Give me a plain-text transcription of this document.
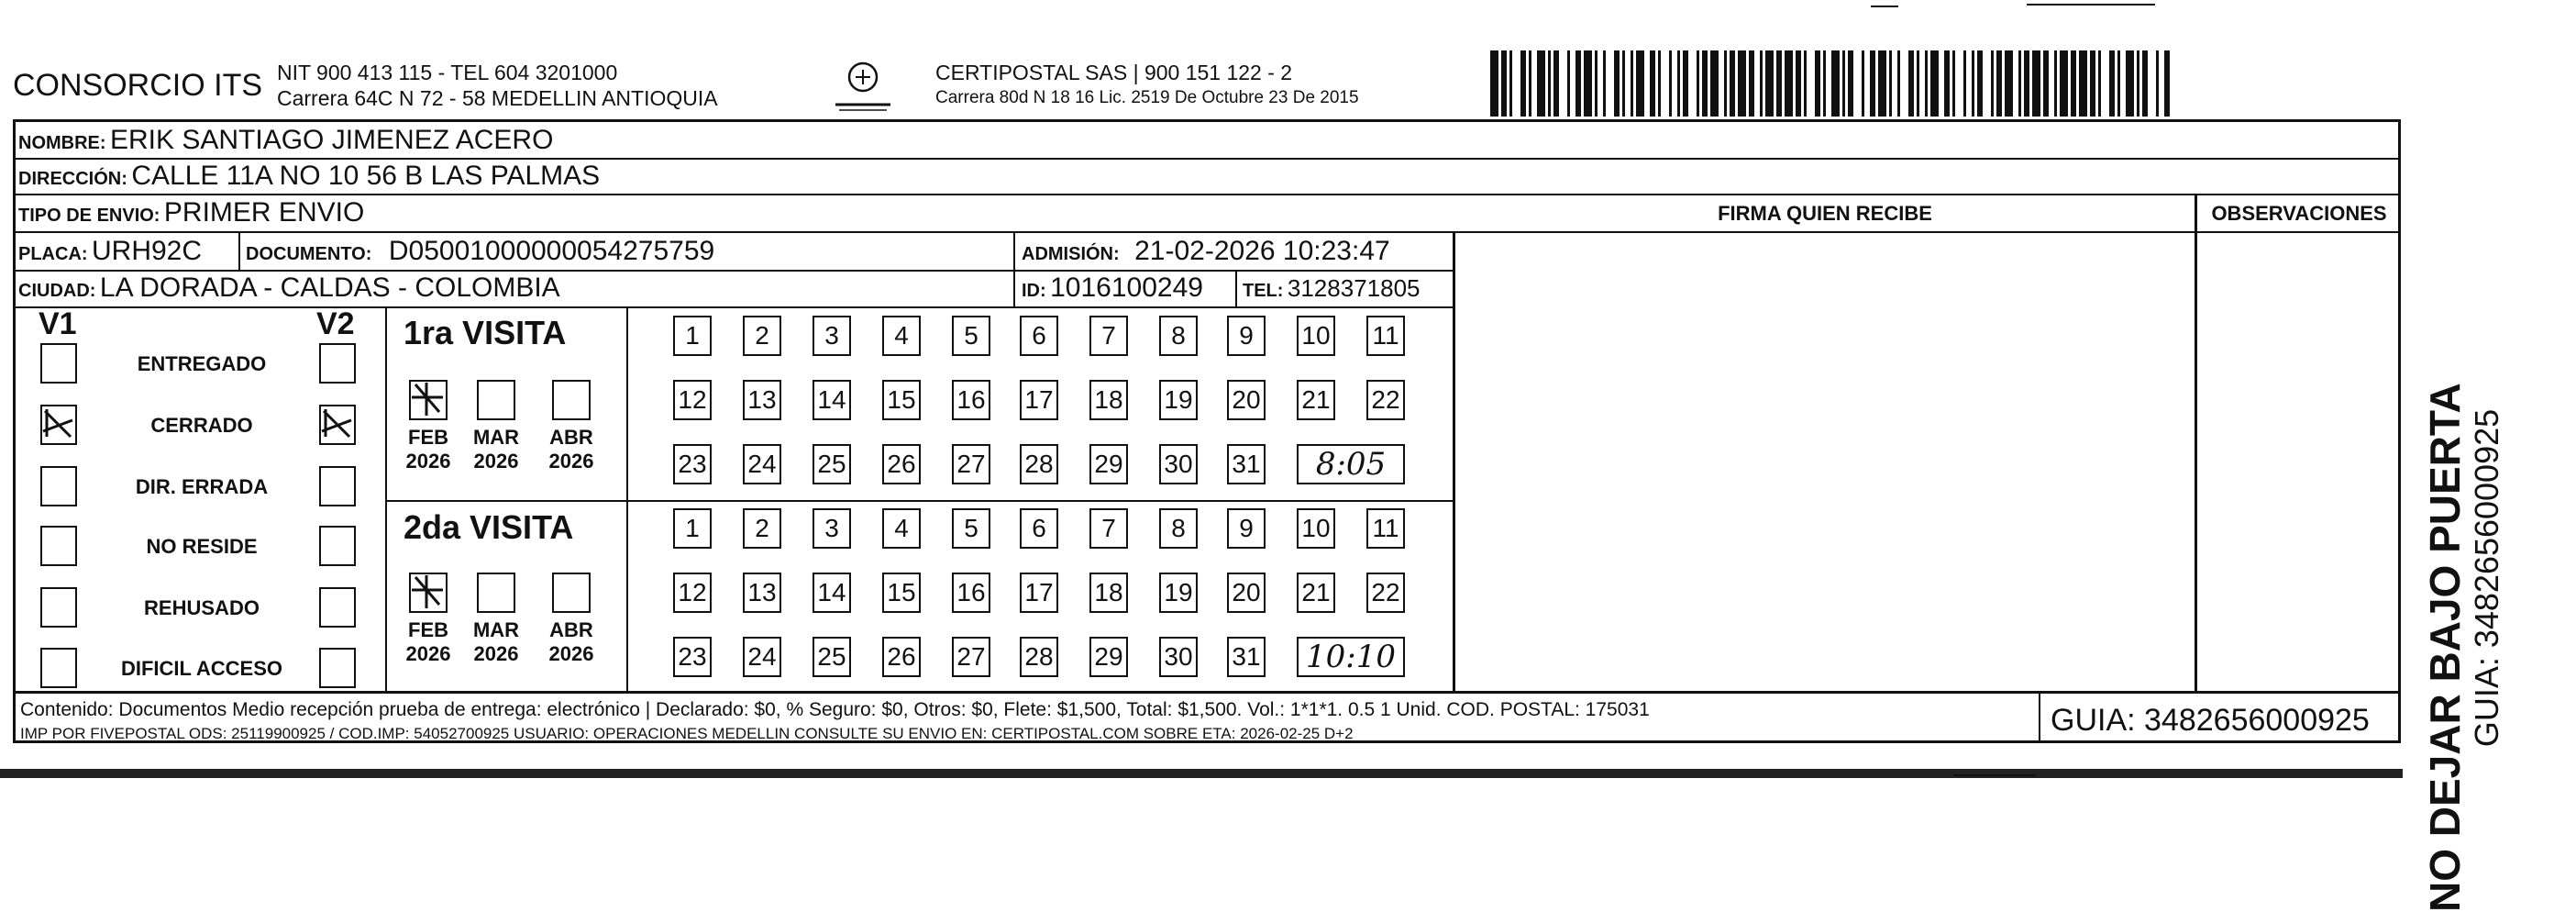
CONSORCIO ITS NIT 900 413 115 - TEL 604 3201000
Carrera 64C N 72 - 58 MEDELLIN ANTIOQUIA
CERTIPOSTAL SAS | 900 151 122 - 2
Carrera 80d N 18 16 Lic. 2519 De Octubre 23 De 2015
NOMBRE: ERIK SANTIAGO JIMENEZ ACERO
DIRECCIÓN: CALLE 11A NO 10 56 B LAS PALMAS
TIPO DE ENVIO: PRIMER ENVIO
PLACA: URH92C DOCUMENTO: D05001000000054275759	ADMISIÓN: 21-02-2026 10:23:47
CIUDAD: LA DORADA - CALDAS - COLOMBIA	ID: 1016100249 TEL: 3128371805
FIRMA QUIEN RECIBE	OBSERVACIONES
V1	V2
ENTREGADO
CERRADO
DIR. ERRADA
NO RESIDE
REHUSADO
DIFICIL ACCESO
1ra VISITA
2da VISITA
1	2	3	4	5	6	7	8	9	10 11
12 13 14 15 16 17 18 19 20 21 22
23 24 25 26 27 28 29 30 31	8:05
FEB
2026
MAR
2026
ABR
2026
1	2	3	4	5	6	7	8	9	10 11
12 13 14 15 16 17 18 19 20 21 22
23 24 25 26 27 28 29 30 31 10:10
FEB
2026
MAR
2026
ABR
2026
Contenido: Documentos Medio recepción prueba de entrega: electrónico | Declarado: $0, % Seguro: $0, Otros: $0, Flete: $1,500, Total: $1,500. Vol.: 1*1*1. 0.5 1 Unid. COD. POSTAL: 175031
IMP POR FIVEPOSTAL ODS: 25119900925 / COD.IMP: 54052700925 USUARIO: OPERACIONES MEDELLIN CONSULTE SU ENVIO EN: CERTIPOSTAL.COM SOBRE ETA: 2026-02-25 D+2	GUIA: 3482656000925 NO DEJAR BAJO PUERTA GUIA: 3482656000925
